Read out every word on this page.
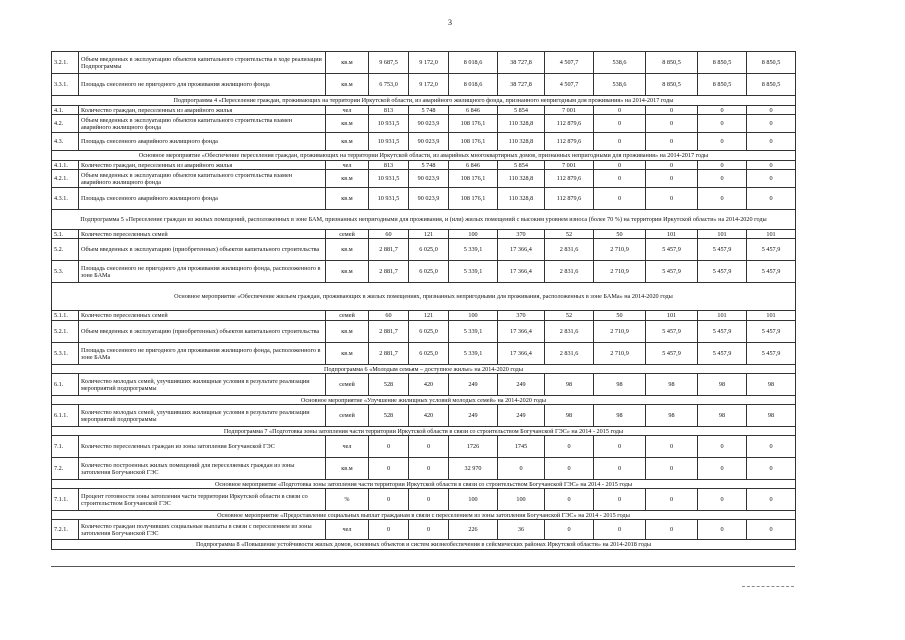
3
3.2.1.	Объем введенных в эксплуатацию объектов капитального строительства в ходе реализации Подпрограммы	кв.м	9 687,5	9 172,0	8 018,6	38 727,8	4 507,7	538,6	8 850,5	8 850,5	8 850,5
3.3.1.	Площадь снесенного не пригодного для проживания жилищного фонда	кв.м	6 753,0	9 172,0	8 018,6	38 727,8	4 507,7	538,6	8 850,5	8 850,5	8 850,5
Подпрограмма 4 «Переселение граждан, проживающих на территории Иркутской области, из аварийного жилищного фонда, признанного непригодным для проживания» на 2014-2017 годы											
4.1.	Количество граждан, переселенных из аварийного жилья	чел	813	5 748	6 846	5 854	7 001	0	0	0	0
4.2.	Объем введенных в эксплуатацию объектов капитального строительства взамен аварийного жилищного фонда	кв.м	10 931,5	90 023,9	108 176,1	110 328,8	112 879,6	0	0	0	0
4.3.	Площадь снесенного аварийного жилищного фонда	кв.м	10 931,5	90 023,9	108 176,1	110 328,8	112 879,6	0	0	0	0
Основное мероприятие «Обеспечение переселения граждан, проживающих на территории Иркутской области, из аварийных многоквартирных домов, признанных непригодными для проживания» на 2014-2017 годы											
4.1.1.	Количество граждан, переселенных из аварийного жилья	чел	813	5 748	6 846	5 854	7 001	0	0	0	0
4.2.1.	Объем введенных в эксплуатацию объектов капитального строительства взамен аварийного жилищного фонда	кв.м	10 931,5	90 023,9	108 176,1	110 328,8	112 879,6	0	0	0	0
4.3.1.	Площадь снесенного аварийного жилищного фонда	кв.м	10 931,5	90 023,9	108 176,1	110 328,8	112 879,6	0	0	0	0
Подпрограмма 5 «Переселение граждан из жилых помещений, расположенных в зоне БАМ, признанных непригодными для проживания, и (или) жилых помещений с высоким уровнем износа (более 70 %) на территории Иркутской области» на 2014-2020 годы											
5.1.	Количество переселенных семей	семей	60	121	100	370	52	50	101	101	101
5.2.	Объем введенных в эксплуатацию (приобретенных) объектов капитального строительства	кв.м	2 881,7	6 025,0	5 339,1	17 366,4	2 831,6	2 710,9	5 457,9	5 457,9	5 457,9
5.3.	Площадь снесенного не пригодного для проживания жилищного фонда, расположенного в зоне БАМа	кв.м	2 881,7	6 025,0	5 339,1	17 366,4	2 831,6	2 710,9	5 457,9	5 457,9	5 457,9
Основное мероприятие «Обеспечение жильем граждан, проживающих в жилых помещениях, признанных непригодными для проживания, расположенных в зоне БАМа» на 2014-2020 годы											
5.1.1.	Количество переселенных семей	семей	60	121	100	370	52	50	101	101	101
5.2.1.	Объем введенных в эксплуатацию (приобретенных) объектов капитального строительства	кв.м	2 881,7	6 025,0	5 339,1	17 366,4	2 831,6	2 710,9	5 457,9	5 457,9	5 457,9
5.3.1.	Площадь снесенного не пригодного для проживания жилищного фонда, расположенного в зоне БАМа	кв.м	2 881,7	6 025,0	5 339,1	17 366,4	2 831,6	2 710,9	5 457,9	5 457,9	5 457,9
Подпрограмма 6 «Молодым семьям – доступное жилье» на 2014-2020 годы											
6.1.	Количество молодых семей, улучшивших жилищные условия в результате реализации мероприятий подпрограммы	семей	528	420	249	249	98	98	98	98	98
Основное мероприятие «Улучшение жилищных условий молодых семей» на 2014-2020 годы											
6.1.1.	Количество молодых семей, улучшивших жилищные условия в результате реализации мероприятий подпрограммы	семей	528	420	249	249	98	98	98	98	98
Подпрограмма 7 «Подготовка зоны затопления части территории Иркутской области в связи со строительством Богучанской ГЭС» на 2014 - 2015 годы											
7.1.	Количество переселенных граждан из зоны затопления Богучанской ГЭС	чел	0	0	1726	1745	0	0	0	0	0
7.2.	Количество построенных жилых помещений для переселяемых граждан из зоны затопления Богучанской ГЭС	кв.м	0	0	32 970	0	0	0	0	0	0
Основное мероприятие «Подготовка зоны затопления части территории Иркутской области в связи со строительством Богучанской ГЭС» на 2014 - 2015 годы											
7.1.1.	Процент готовности зоны затопления части территории Иркутской области в связи со строительством Богучанской ГЭС	%	0	0	100	100	0	0	0	0	0
Основное мероприятие «Предоставление социальных выплат гражданам в связи с переселением из зоны затопления Богучанской ГЭС» на 2014 - 2015 годы											
7.2.1.	Количество граждан получивших социальные выплаты в связи с переселением из зоны затопления Богучанской ГЭС	чел	0	0	226	36	0	0	0	0	0
Подпрограмма 8 «Повышение устойчивости жилых домов, основных объектов и систем жизнеобеспечения в сейсмических районах Иркутской области» на 2014-2018 годы											
